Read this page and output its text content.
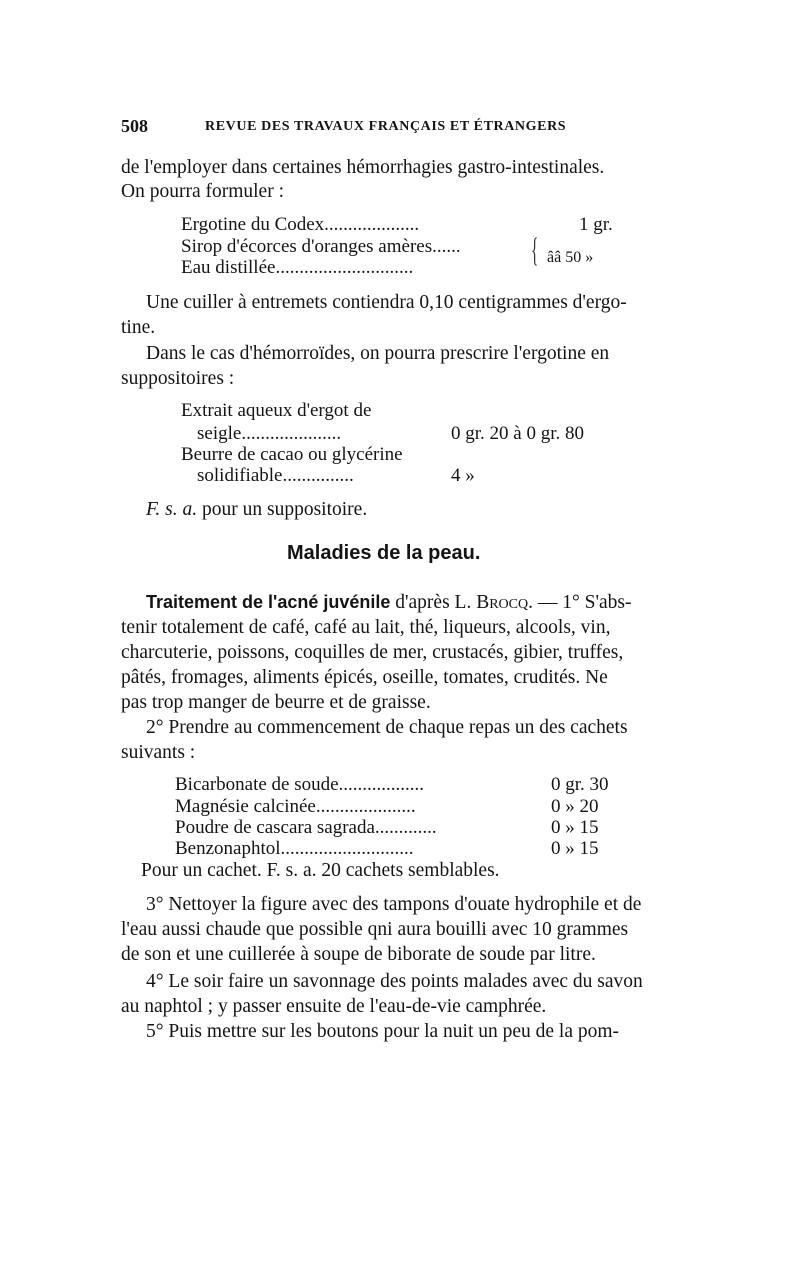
508	REVUE DES TRAVAUX FRANÇAIS ET ÉTRANGERS
de l'employer dans certaines hémorrhagies gastro-intestinales.
On pourra formuler :
Ergotine du Codex....................	1 gr.
Sirop d'écorces d'oranges amères......
Eau distillée.............................	{ ââ 50 »
Une cuiller à entremets contiendra 0,10 centigrammes d'ergo-
tine.
Dans le cas d'hémorroïdes, on pourra prescrire l'ergotine en
suppositoires :
Extrait aqueux d'ergot de
seigle.....................	0 gr. 20 à 0 gr. 80
Beurre de cacao ou glycérine
solidifiable...............	4 »
F. s. a. pour un suppositoire.
Maladies de la peau.
Traitement de l'acné juvénile d'après L. Brocq. — 1° S'abs-
tenir totalement de café, café au lait, thé, liqueurs, alcools, vin,
charcuterie, poissons, coquilles de mer, crustacés, gibier, truffes,
pâtés, fromages, aliments épicés, oseille, tomates, crudités. Ne
pas trop manger de beurre et de graisse.
2° Prendre au commencement de chaque repas un des cachets
suivants :
Bicarbonate de soude..................	0 gr. 30
Magnésie calcinée.....................	0 » 20
Poudre de cascara sagrada.............	0 » 15
Benzonaphtol............................	0 » 15
Pour un cachet. F. s. a. 20 cachets semblables.
3° Nettoyer la figure avec des tampons d'ouate hydrophile et de
l'eau aussi chaude que possible qni aura bouilli avec 10 grammes
de son et une cuillerée à soupe de biborate de soude par litre.
4° Le soir faire un savonnage des points malades avec du savon
au naphtol ; y passer ensuite de l'eau-de-vie camphrée.
5° Puis mettre sur les boutons pour la nuit un peu de la pom-
